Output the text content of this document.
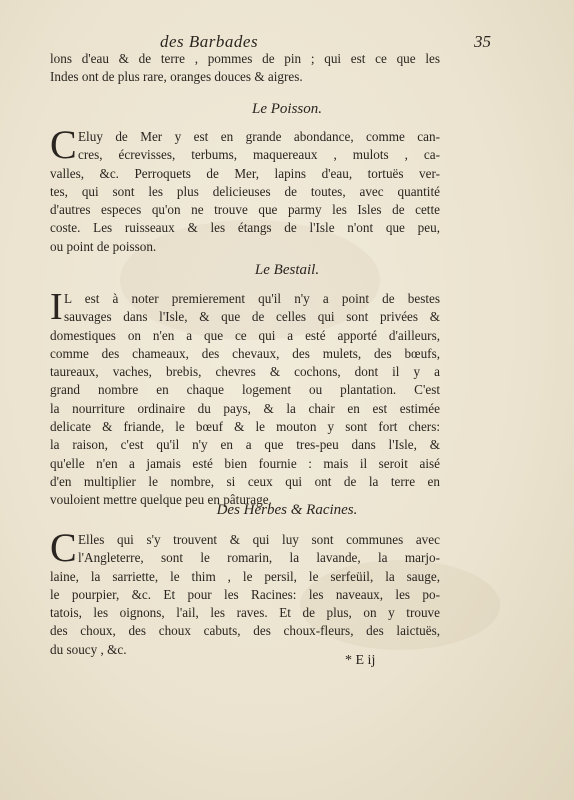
des Barbades	35
lons d'eau & de terre , pommes de pin ; qui est ce que les
Indes ont de plus rare, oranges douces & aigres.
Le Poisson.
C Eluy de Mer y est en grande abondance, comme can-
cres, écrevisses, terbums, maquereaux , mulots , ca-
valles, &c. Perroquets de Mer, lapins d'eau, tortuës ver-
tes, qui sont les plus delicieuses de toutes, avec quantité
d'autres especes qu'on ne trouve que parmy les Isles de cette
coste. Les ruisseaux & les étangs de l'Isle n'ont que peu,
ou point de poisson.
Le Bestail.
I L est à noter premierement qu'il n'y a point de bestes
sauvages dans l'Isle, & que de celles qui sont privées &
domestiques on n'en a que ce qui a esté apporté d'ailleurs,
comme des chameaux, des chevaux, des mulets, des bœufs,
taureaux, vaches, brebis, chevres & cochons, dont il y a
grand nombre en chaque logement ou plantation. C'est
la nourriture ordinaire du pays, & la chair en est estimée
delicate & friande, le bœuf & le mouton y sont fort chers:
la raison, c'est qu'il n'y en a que tres-peu dans l'Isle, &
qu'elle n'en a jamais esté bien fournie : mais il seroit aisé
d'en multiplier le nombre, si ceux qui ont de la terre en
vouloient mettre quelque peu en pâturage.
Des Herbes & Racines.
C Elles qui s'y trouvent & qui luy sont communes avec
l'Angleterre, sont le romarin, la lavande, la marjo-
laine, la sarriette, le thim , le persil, le serfeüil, la sauge,
le pourpier, &c. Et pour les Racines: les naveaux, les po-
tatois, les oignons, l'ail, les raves. Et de plus, on y trouve
des choux, des choux cabuts, des choux-fleurs, des laictuës,
du soucy , &c.
* E ij
